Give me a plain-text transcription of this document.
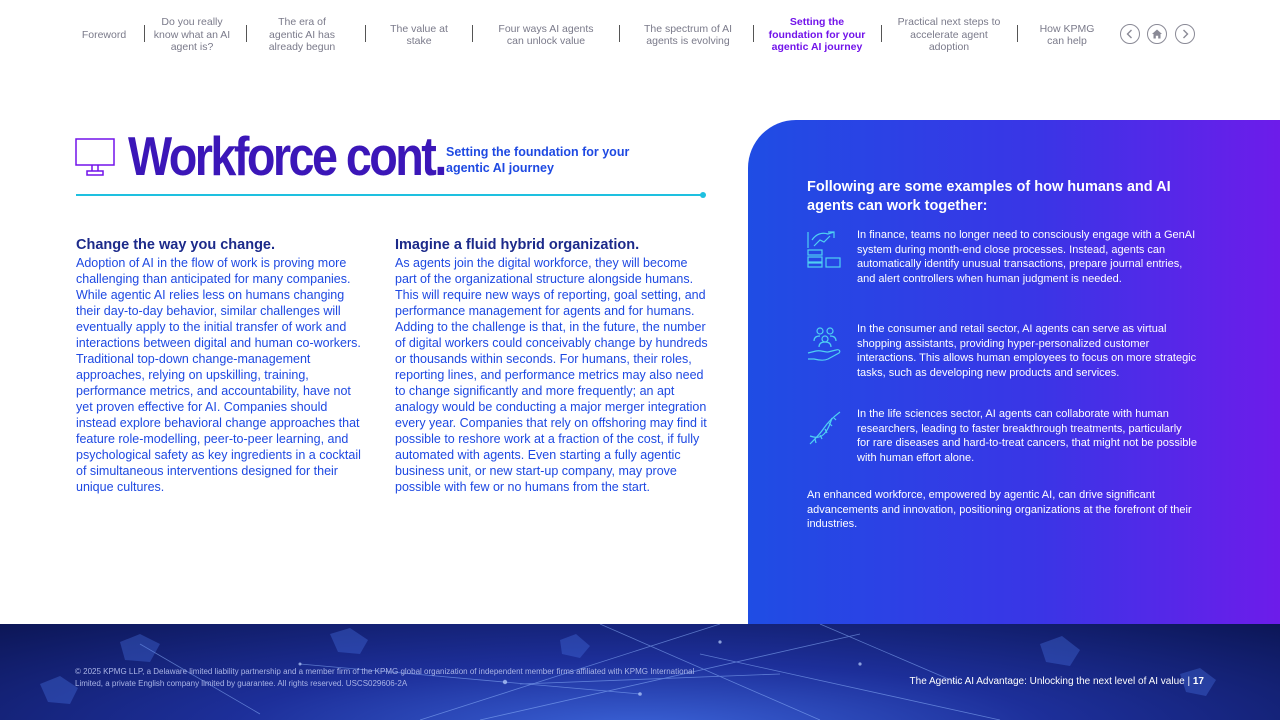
Foreword
Do you really know what an AI agent is?
The era of agentic AI has already begun
The value at stake
Four ways AI agents can unlock value
The spectrum of AI agents is evolving
Setting the foundation for your agentic AI journey
Practical next steps to accelerate agent adoption
How KPMG can help
Workforce cont. Setting the foundation for your agentic AI journey
Change the way you change.

Adoption of AI in the flow of work is proving more challenging than anticipated for many companies. While agentic AI relies less on humans changing their day-to-day behavior, similar challenges will eventually apply to the initial transfer of work and interactions between digital and human co-workers. Traditional top-down change-management approaches, relying on upskilling, training, performance metrics, and accountability, have not yet proven effective for AI. Companies should instead explore behavioral change approaches that feature role-modelling, peer-to-peer learning, and psychological safety as key ingredients in a cocktail of simultaneous interventions designed for their unique cultures.

Imagine a fluid hybrid organization.

As agents join the digital workforce, they will become part of the organizational structure alongside humans. This will require new ways of reporting, goal setting, and performance management for agents and for humans. Adding to the challenge is that, in the future, the number of digital workers could conceivably change by hundreds or thousands within seconds. For humans, their roles, reporting lines, and performance metrics may also need to change significantly and more frequently; an apt analogy would be conducting a major merger integration every year. Companies that rely on offshoring may find it possible to reshore work at a fraction of the cost, if fully automated with agents. Even starting a fully agentic business unit, or new start-up company, may prove possible with few or no humans from the start.

Following are some examples of how humans and AI agents can work together:
In finance, teams no longer need to consciously engage with a GenAI system during month-end close processes. Instead, agents can automatically identify unusual transactions, prepare journal entries, and alert controllers when human judgment is needed.
In the consumer and retail sector, AI agents can serve as virtual shopping assistants, providing hyper-personalized customer interactions. This allows human employees to focus on more strategic tasks, such as developing new products and services.
In the life sciences sector, AI agents can collaborate with human researchers, leading to faster breakthrough treatments, particularly for rare diseases and hard-to-treat cancers, that might not be possible with human effort alone.
An enhanced workforce, empowered by agentic AI, can drive significant advancements and innovation, positioning organizations at the forefront of their industries.
© 2025 KPMG LLP, a Delaware limited liability partnership and a member firm of the KPMG global organization of independent member firms affiliated with KPMG International Limited, a private English company limited by guarantee. All rights reserved. USCS029606-2A	The Agentic AI Advantage: Unlocking the next level of AI value | 17
